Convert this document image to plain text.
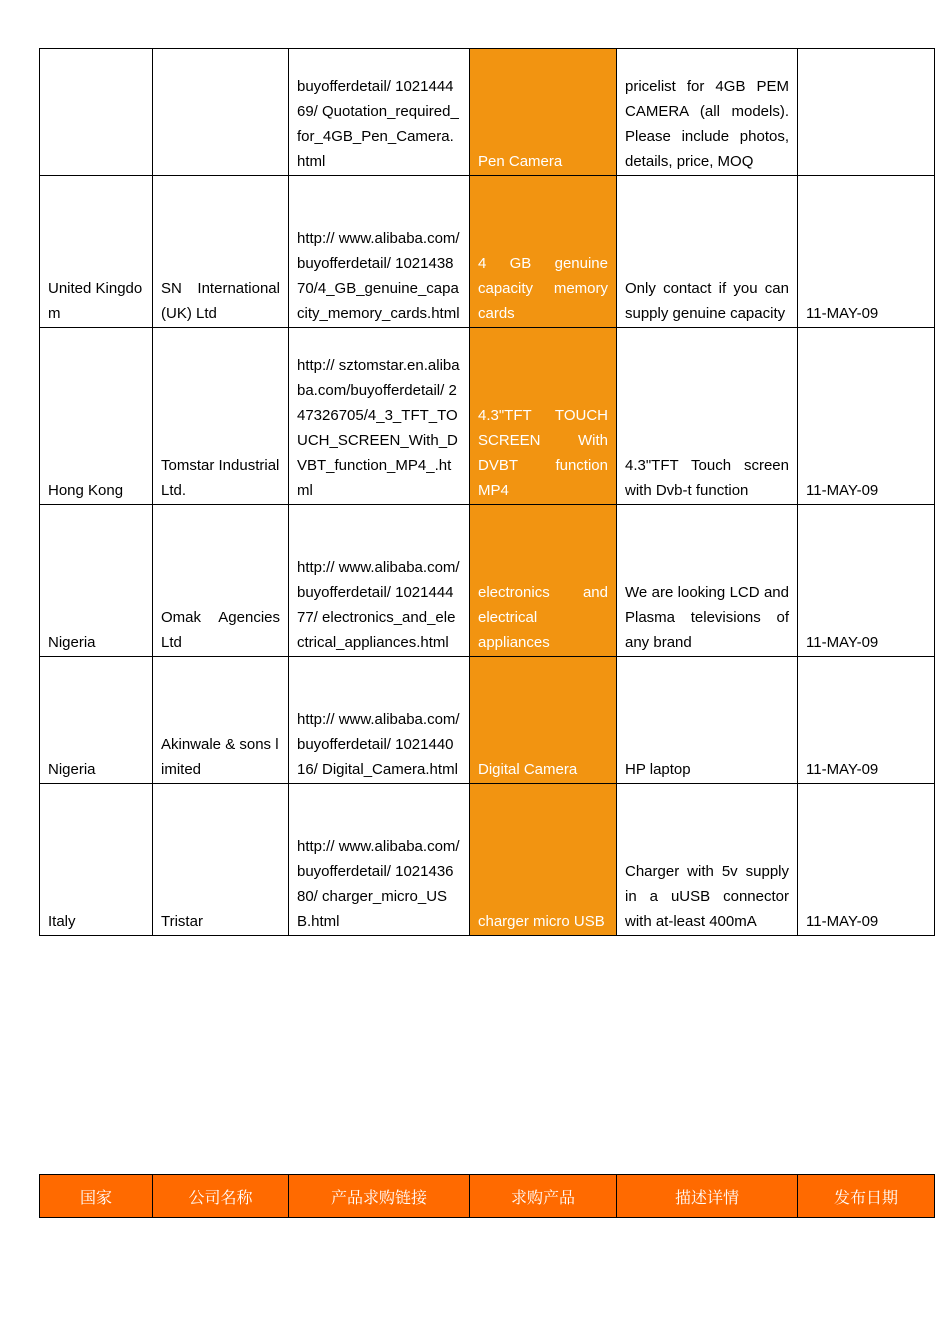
		buyofferdetail/ 102144469/ Quotation_required_for_4GB_Pen_Camera.html	Pen Camera	pricelist for 4GB PEM CAMERA (all models). Please include photos, details, price, MOQ	
United Kingdom	SN International (UK) Ltd	http:// www.alibaba.com/ buyofferdetail/ 102143870/4_GB_genuine_capacity_memory_cards.html	4 GB genuine capacity memory cards	Only contact if you can supply genuine capacity	11-MAY-09
Hong Kong	Tomstar Industrial Ltd.	http:// sztomstar.en.alibaba.com/buyofferdetail/ 247326705/4_3_TFT_TOUCH_SCREEN_With_DVBT_function_MP4_.html	4.3"TFT TOUCH SCREEN With DVBT function MP4	4.3"TFT Touch screen with Dvb-t function	11-MAY-09
Nigeria	Omak Agencies Ltd	http:// www.alibaba.com/ buyofferdetail/ 102144477/ electronics_and_electrical_appliances.html	electronics and electrical appliances	We are looking LCD and Plasma televisions of any brand	11-MAY-09
Nigeria	Akinwale & sons limited	http:// www.alibaba.com/ buyofferdetail/ 102144016/ Digital_Camera.html	Digital Camera	HP laptop	11-MAY-09
Italy	Tristar	http:// www.alibaba.com/ buyofferdetail/ 102143680/ charger_micro_USB.html	charger micro USB	Charger with 5v supply in a uUSB connector with at-least 400mA	11-MAY-09
国家	公司名称	产品求购链接	求购产品	描述详情	发布日期
